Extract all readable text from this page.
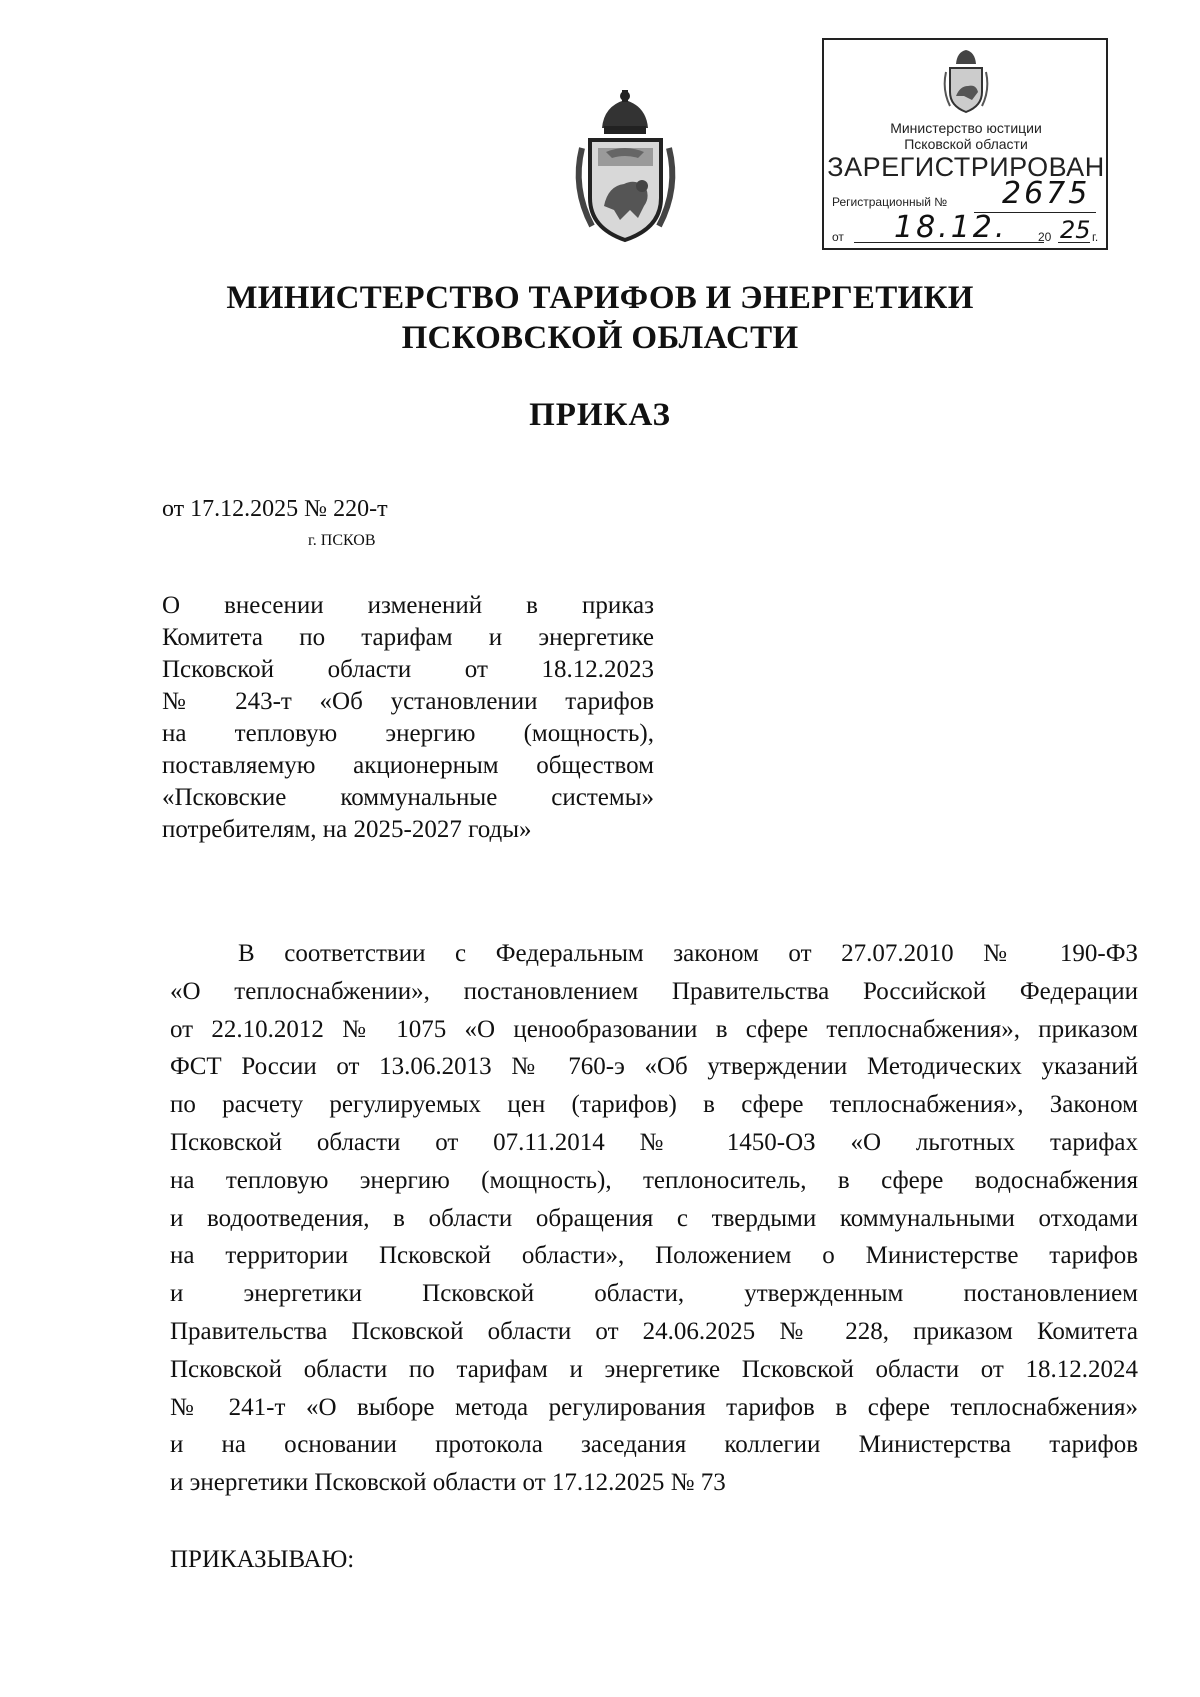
Министерство юстиции
Псковской области
ЗАРЕГИСТРИРОВАН
Регистрационный № 2675
от 18.12.	20 25 г.
МИНИСТЕРСТВО ТАРИФОВ И ЭНЕРГЕТИКИ
ПСКОВСКОЙ ОБЛАСТИ
ПРИКАЗ
от 17.12.2025 № 220-т
г. ПСКОВ
О внесении изменений в приказ
Комитета по тарифам и энергетике
Псковской области от 18.12.2023
№ 243-т «Об установлении тарифов
на тепловую энергию (мощность),
поставляемую акционерным обществом
«Псковские коммунальные системы»
потребителям, на 2025-2027 годы»
В соответствии с Федеральным законом от 27.07.2010 № 190-ФЗ
«О теплоснабжении», постановлением Правительства Российской Федерации
от 22.10.2012 № 1075 «О ценообразовании в сфере теплоснабжения», приказом
ФСТ России от 13.06.2013 № 760-э «Об утверждении Методических указаний
по расчету регулируемых цен (тарифов) в сфере теплоснабжения», Законом
Псковской области от 07.11.2014 № 1450-ОЗ «О льготных тарифах
на тепловую энергию (мощность), теплоноситель, в сфере водоснабжения
и водоотведения, в области обращения с твердыми коммунальными отходами
на территории Псковской области», Положением о Министерстве тарифов
и энергетики Псковской области, утвержденным постановлением
Правительства Псковской области от 24.06.2025 № 228, приказом Комитета
Псковской области по тарифам и энергетике Псковской области от 18.12.2024
№ 241-т «О выборе метода регулирования тарифов в сфере теплоснабжения»
и на основании протокола заседания коллегии Министерства тарифов
и энергетики Псковской области от 17.12.2025 № 73
ПРИКАЗЫВАЮ:
